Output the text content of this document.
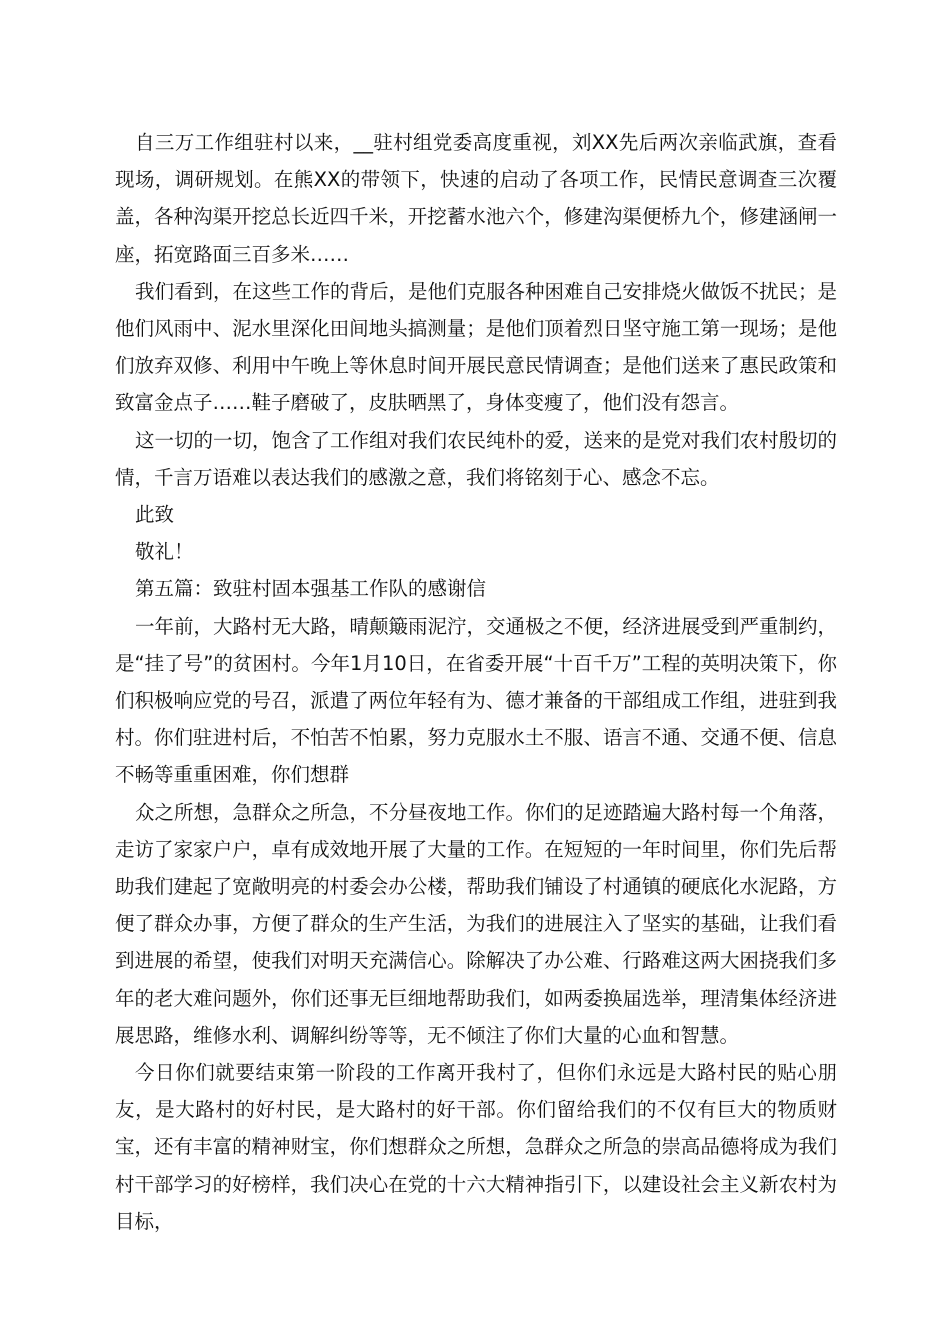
自三万工作组驻村以来，__驻村组党委高度重视，刘XX先后两次亲临武旗，查看现场，调研规划。在熊XX的带领下，快速的启动了各项工作，民情民意调查三次覆盖，各种沟渠开挖总长近四千米，开挖蓄水池六个，修建沟渠便桥九个，修建涵闸一座，拓宽路面三百多米……

我们看到，在这些工作的背后，是他们克服各种困难自己安排烧火做饭不扰民；是他们风雨中、泥水里深化田间地头搞测量；是他们顶着烈日坚守施工第一现场；是他们放弃双修、利用中午晚上等休息时间开展民意民情调查；是他们送来了惠民政策和致富金点子……鞋子磨破了，皮肤晒黑了，身体变瘦了，他们没有怨言。

这一切的一切，饱含了工作组对我们农民纯朴的爱，送来的是党对我们农村殷切的情，千言万语难以表达我们的感激之意，我们将铭刻于心、感念不忘。

此致

敬礼！

第五篇：致驻村固本强基工作队的感谢信

一年前，大路村无大路，晴颠簸雨泥泞，交通极之不便，经济进展受到严重制约，是“挂了号”的贫困村。今年1月10日，在省委开展“十百千万”工程的英明决策下，你们积极响应党的号召，派遣了两位年轻有为、德才兼备的干部组成工作组，进驻到我村。你们驻进村后，不怕苦不怕累，努力克服水土不服、语言不通、交通不便、信息不畅等重重困难，你们想群

众之所想，急群众之所急，不分昼夜地工作。你们的足迹踏遍大路村每一个角落，走访了家家户户，卓有成效地开展了大量的工作。在短短的一年时间里，你们先后帮助我们建起了宽敞明亮的村委会办公楼，帮助我们铺设了村通镇的硬底化水泥路，方便了群众办事，方便了群众的生产生活，为我们的进展注入了坚实的基础，让我们看到进展的希望，使我们对明天充满信心。除解决了办公难、行路难这两大困挠我们多年的老大难问题外，你们还事无巨细地帮助我们，如两委换届选举，理清集体经济进展思路，维修水利、调解纠纷等等，无不倾注了你们大量的心血和智慧。

今日你们就要结束第一阶段的工作离开我村了，但你们永远是大路村民的贴心朋友，是大路村的好村民，是大路村的好干部。你们留给我们的不仅有巨大的物质财宝，还有丰富的精神财宝，你们想群众之所想，急群众之所急的崇高品德将成为我们村干部学习的好榜样，我们决心在党的十六大精神指引下，以建设社会主义新农村为目标，
